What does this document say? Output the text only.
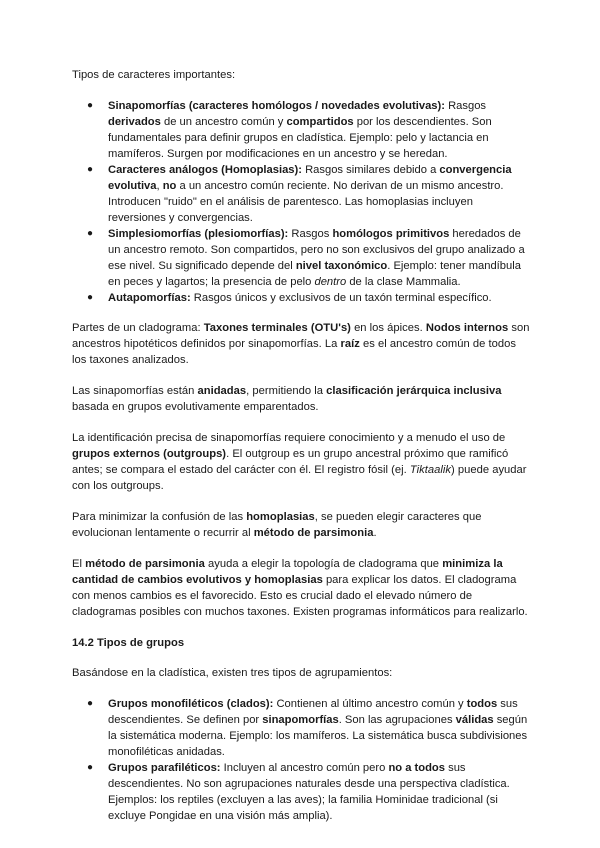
Tipos de caracteres importantes:

● Sinapomorfías (caracteres homólogos / novedades evolutivas): Rasgos derivados de un ancestro común y compartidos por los descendientes. Son fundamentales para definir grupos en cladística. Ejemplo: pelo y lactancia en mamíferos. Surgen por modificaciones en un ancestro y se heredan.
● Caracteres análogos (Homoplasias): Rasgos similares debido a convergencia evolutiva, no a un ancestro común reciente. No derivan de un mismo ancestro. Introducen "ruido" en el análisis de parentesco. Las homoplasias incluyen reversiones y convergencias.
● Simplesiomorfías (plesiomorfías): Rasgos homólogos primitivos heredados de un ancestro remoto. Son compartidos, pero no son exclusivos del grupo analizado a ese nivel. Su significado depende del nivel taxonómico. Ejemplo: tener mandíbula en peces y lagartos; la presencia de pelo dentro de la clase Mammalia.
● Autapomorfías: Rasgos únicos y exclusivos de un taxón terminal específico.

Partes de un cladograma: Taxones terminales (OTU's) en los ápices. Nodos internos son ancestros hipotéticos definidos por sinapomorfías. La raíz es el ancestro común de todos los taxones analizados.

Las sinapomorfías están anidadas, permitiendo la clasificación jerárquica inclusiva basada en grupos evolutivamente emparentados.

La identificación precisa de sinapomorfías requiere conocimiento y a menudo el uso de grupos externos (outgroups). El outgroup es un grupo ancestral próximo que ramificó antes; se compara el estado del carácter con él. El registro fósil (ej. Tiktaalik) puede ayudar con los outgroups.

Para minimizar la confusión de las homoplasias, se pueden elegir caracteres que evolucionan lentamente o recurrir al método de parsimonia.

El método de parsimonia ayuda a elegir la topología de cladograma que minimiza la cantidad de cambios evolutivos y homoplasias para explicar los datos. El cladograma con menos cambios es el favorecido. Esto es crucial dado el elevado número de cladogramas posibles con muchos taxones. Existen programas informáticos para realizarlo.

14.2 Tipos de grupos

Basándose en la cladística, existen tres tipos de agrupamientos:

● Grupos monofiléticos (clados): Contienen al último ancestro común y todos sus descendientes. Se definen por sinapomorfías. Son las agrupaciones válidas según la sistemática moderna. Ejemplo: los mamíferos. La sistemática busca subdivisiones monofiléticas anidadas.
● Grupos parafiléticos: Incluyen al ancestro común pero no a todos sus descendientes. No son agrupaciones naturales desde una perspectiva cladística. Ejemplos: los reptiles (excluyen a las aves); la familia Hominidae tradicional (si excluye Pongidae en una visión más amplia).
